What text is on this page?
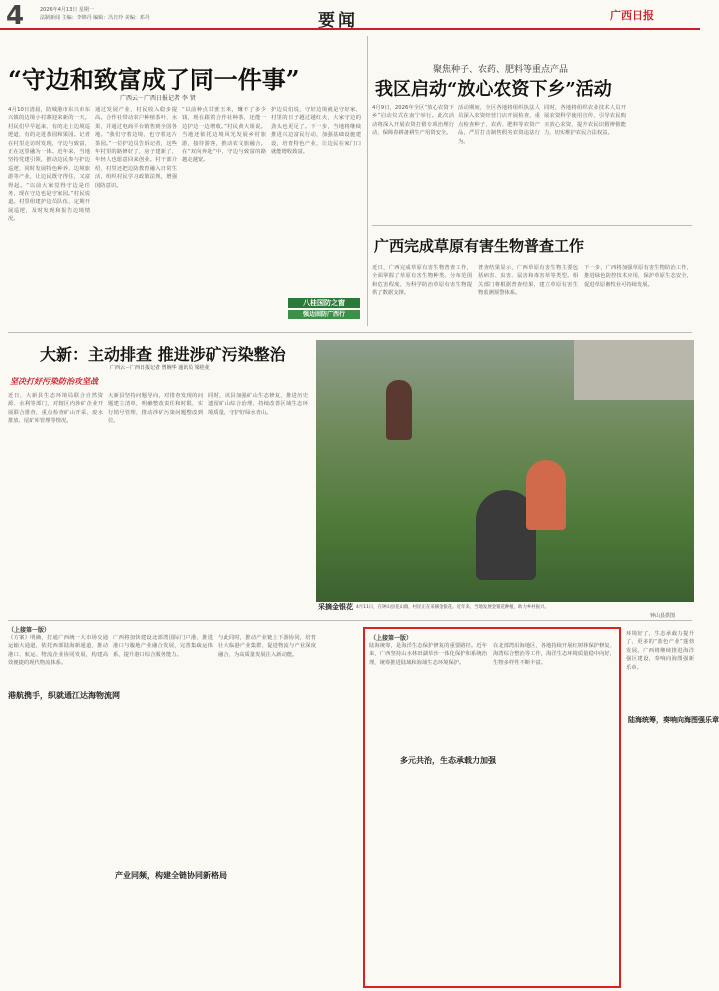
4	2026年4月13日 星期一
法制新闻 主编：李锦丹 编辑：冯日玲 美编：邓丹	要闻	广西日报
“守边和致富成了同一件事”
广西云－广西日报记者 李 贤
4月10日清晨，防城港市东兴市东兴镇的边境小村寨迎来新的一天。村民们早早起来，有的走上边境巡逻道，有的走进茶园和果园。记者在村里走访时发现，守边与致富，正在这里融为一体。近年来，当地坚持党建引领，推动边民参与护边巡逻，同时发展特色种养、边境旅游等产业，让边民既守得住，又富得起。“以前大家觉得守边是任务，现在守边也是守家园。”村民说道。村里组建护边员队伍，定期开展巡逻，及时发现和报告边境情况。
通过发展产业，村民收入稳步提高。合作社带动农户种植茶叶、水果，并通过电商平台销售到全国各地。“我们守着边境，也守着这片茶园。”一位护边员告诉记者，这些年村里的路修好了，房子建新了，年轻人也愿意回来创业。村干部介绍，村里还把边防教育融入日常生活，组织村民学习政策法规，增强国防意识。
“以前种点甘蔗玉米，赚不了多少钱，现在跟着合作社种茶，还能一边护边一边增收。”村民黄大姐说。当地还依托边境风光发展乡村旅游，接待游客，推动农文旅融合。在“双向奔赴”中，守边与致富的路越走越宽。
护边员们说，守好边境就是守好家，村里的日子越过越红火，大家守边的劲头也更足了。下一步，当地将继续推进兴边富民行动，加强基础设施建设，培育特色产业，让边民在家门口就能增收致富。
八桂国防之窗
强边固防广西行
聚焦种子、农药、肥料等重点产品
我区启动“放心农资下乡”活动
4月9日，2026年全区“放心农资下乡”启动仪式在南宁举行。此次活动将深入开展农资打假专项治理行动，保障春耕备耕生产用资安全。
活动期间，全区各地将组织执法人员深入农资经营门店开展检查，重点检查种子、农药、肥料等农资产品，严厉打击制售假劣农资违法行为。
同时，各地将组织农业技术人员开展农资科学使用宣传，引导农民购买放心农资，提升农民识假辨假能力，切实维护农民合法权益。
广西完成草原有害生物普查工作
近日，广西完成草原有害生物普查工作，全面掌握了草原有害生物种类、分布范围和危害程度，为科学防治草原有害生物提供了数据支撑。
普查结果显示，广西草原有害生物主要包括病害、虫害、鼠害和毒害草等类型。相关部门将根据普查结果，建立草原有害生物监测预警体系。
下一步，广西将加强草原有害生物防治工作，推进绿色防控技术应用，保护草原生态安全，促进草原畜牧业可持续发展。
大新：主动排查 推进涉矿污染整治
广西云－广西日报记者 曾婉华 通讯员 梁桂花
坚决打好污染防治攻坚战
近日，大新县生态环境局联合自然资源、水利等部门，对辖区内涉矿企业开展联合排查，重点检查矿山开采、废水排放、尾矿库管理等情况。
大新县坚持问题导向，对排查发现的问题建立清单，明确整改责任和时限，实行销号管理，推动涉矿污染问题整改到位。
同时，该县加强矿山生态修复，推进历史遗留矿山综合治理，持续改善区域生态环境质量，守护好绿水青山。
采摘金银花 4月11日，在钟山县花山镇，村民正在采摘金银花。近年来，当地发展金银花种植，助力乡村振兴。
钟山县供图
（上接第一版）
《方案》明确，打通广西统一大市场交通运输大通道，依托西部陆海新通道，推动港口、航运、物流企业协同发展，构建高效便捷的现代物流体系。
港航携手，织就通江达海物流网
广西将加快建设北部湾国际门户港，推进港口与腹地产业融合发展，完善集疏运体系，提升港口综合服务能力。
产业同频，构建全链协同新格局
与此同时，推动产业链上下游协同，培育壮大临港产业集群，促进物流与产业深度融合，为高质量发展注入新动能。
（上接第一版）
陆海统筹，是海洋生态保护修复的重要路径。近年来，广西坚持山水林田湖草沙一体化保护和系统治理，统筹推进陆域和海域生态环境保护。
多元共治，生态承载力加强
在北部湾沿海地区，各地持续开展红树林保护修复、海湾综合整治等工作，海洋生态环境质量稳中向好，生物多样性不断丰富。
环境好了，生态承载力提升了，更多的“蓝色产业”蓬勃发展。广西将继续推进海洋强区建设，奏响向海图强新乐章。
陆海统筹，奏响向海图强乐章
